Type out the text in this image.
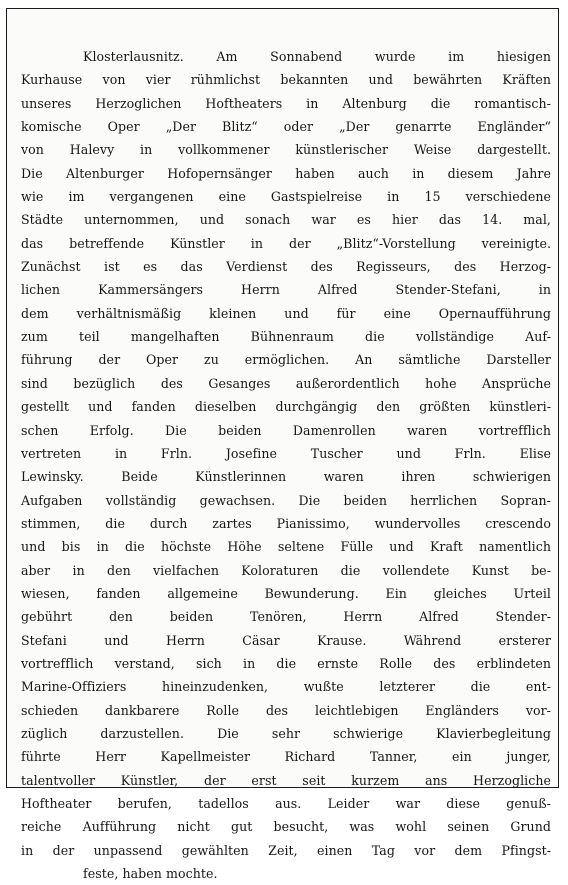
Klosterlausnitz. Am Sonnabend wurde im hiesigen
Kurhause von vier rühmlichst bekannten und bewährten Kräften
unseres Herzoglichen Hoftheaters in Altenburg die romantisch-
komische Oper „Der Blitz“ oder „Der genarrte Engländer“
von Halevy in vollkommener künstlerischer Weise dargestellt.
Die Altenburger Hofopernsänger haben auch in diesem Jahre
wie im vergangenen eine Gastspielreise in 15 verschiedene
Städte unternommen, und sonach war es hier das 14. mal,
das betreffende Künstler in der „Blitz“-Vorstellung vereinigte.
Zunächst ist es das Verdienst des Regisseurs, des Herzog-
lichen Kammersängers Herrn Alfred Stender-Stefani, in
dem verhältnismäßig kleinen und für eine Opernaufführung
zum teil mangelhaften Bühnenraum die vollständige Auf-
führung der Oper zu ermöglichen. An sämtliche Darsteller
sind bezüglich des Gesanges außerordentlich hohe Ansprüche
gestellt und fanden dieselben durchgängig den größten künstleri-
schen Erfolg. Die beiden Damenrollen waren vortrefflich
vertreten in Frln. Josefine Tuscher und Frln. Elise
Lewinsky. Beide Künstlerinnen waren ihren schwierigen
Aufgaben vollständig gewachsen. Die beiden herrlichen Sopran-
stimmen, die durch zartes Pianissimo, wundervolles crescendo
und bis in die höchste Höhe seltene Fülle und Kraft namentlich
aber in den vielfachen Koloraturen die vollendete Kunst be-
wiesen, fanden allgemeine Bewunderung. Ein gleiches Urteil
gebührt den beiden Tenören, Herrn Alfred Stender-
Stefani und Herrn Cäsar Krause. Während ersterer
vortrefflich verstand, sich in die ernste Rolle des erblindeten
Marine-Offiziers hineinzudenken, wußte letzterer die ent-
schieden dankbarere Rolle des leichtlebigen Engländers vor-
züglich darzustellen. Die sehr schwierige Klavierbegleitung
führte Herr Kapellmeister Richard Tanner, ein junger,
talentvoller Künstler, der erst seit kurzem ans Herzogliche
Hoftheater berufen, tadellos aus. Leider war diese genuß-
reiche Aufführung nicht gut besucht, was wohl seinen Grund
in der unpassend gewählten Zeit, einen Tag vor dem Pfingst-
feste, haben mochte.
